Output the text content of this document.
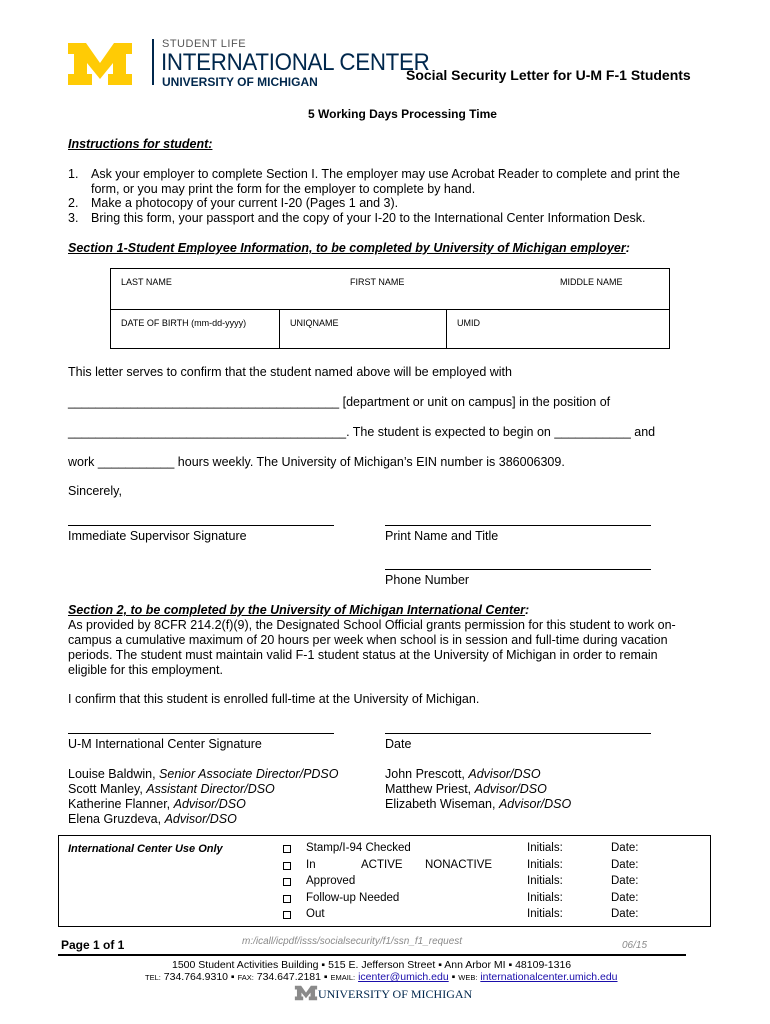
STUDENT LIFE
INTERNATIONAL CENTER
UNIVERSITY OF MICHIGAN	Social Security Letter for U-M F-1 Students
5 Working Days Processing Time
Instructions for student:
1. Ask your employer to complete Section I. The employer may use Acrobat Reader to complete and print the form, or you may print the form for the employer to complete by hand.
2. Make a photocopy of your current I-20 (Pages 1 and 3).
3. Bring this form, your passport and the copy of your I-20 to the International Center Information Desk.
Section 1-Student Employee Information, to be completed by University of Michigan employer:
LAST NAME	FIRST NAME	MIDDLE NAME
DATE OF BIRTH (mm-dd-yyyy)	UNIQNAME	UMID
This letter serves to confirm that the student named above will be employed with
_______________________________________ [department or unit on campus] in the position of
________________________________________. The student is expected to begin on ___________ and
work ___________ hours weekly. The University of Michigan’s EIN number is 386006309.
Sincerely,
Immediate Supervisor Signature	Print Name and Title
Phone Number
Section 2, to be completed by the University of Michigan International Center:
As provided by 8CFR 214.2(f)(9), the Designated School Official grants permission for this student to work on-
campus a cumulative maximum of 20 hours per week when school is in session and full-time during vacation
periods. The student must maintain valid F-1 student status at the University of Michigan in order to remain
eligible for this employment.
I confirm that this student is enrolled full-time at the University of Michigan.
U-M International Center Signature	Date
Louise Baldwin, Senior Associate Director/PDSO
Scott Manley, Assistant Director/DSO
Katherine Flanner, Advisor/DSO
Elena Gruzdeva, Advisor/DSO
John Prescott, Advisor/DSO
Matthew Priest, Advisor/DSO
Elizabeth Wiseman, Advisor/DSO
International Center Use Only	Stamp/I-94 Checked	Initials:	Date:
In	ACTIVE NONACTIVE	Initials:	Date:
Approved	Initials:	Date:
Follow-up Needed	Initials:	Date:
Out	Initials:	Date:
Page 1 of 1	m:/icall/icpdf/isss/socialsecurity/f1/ssn_f1_request	06/15
1500 Student Activities Building ▪ 515 E. Jefferson Street ▪ Ann Arbor MI ▪ 48109-1316
TEL: 734.764.9310 ▪ FAX: 734.647.2181 ▪ EMAIL: icenter@umich.edu ▪ WEB: internationalcenter.umich.edu
UNIVERSITY OF MICHIGAN
